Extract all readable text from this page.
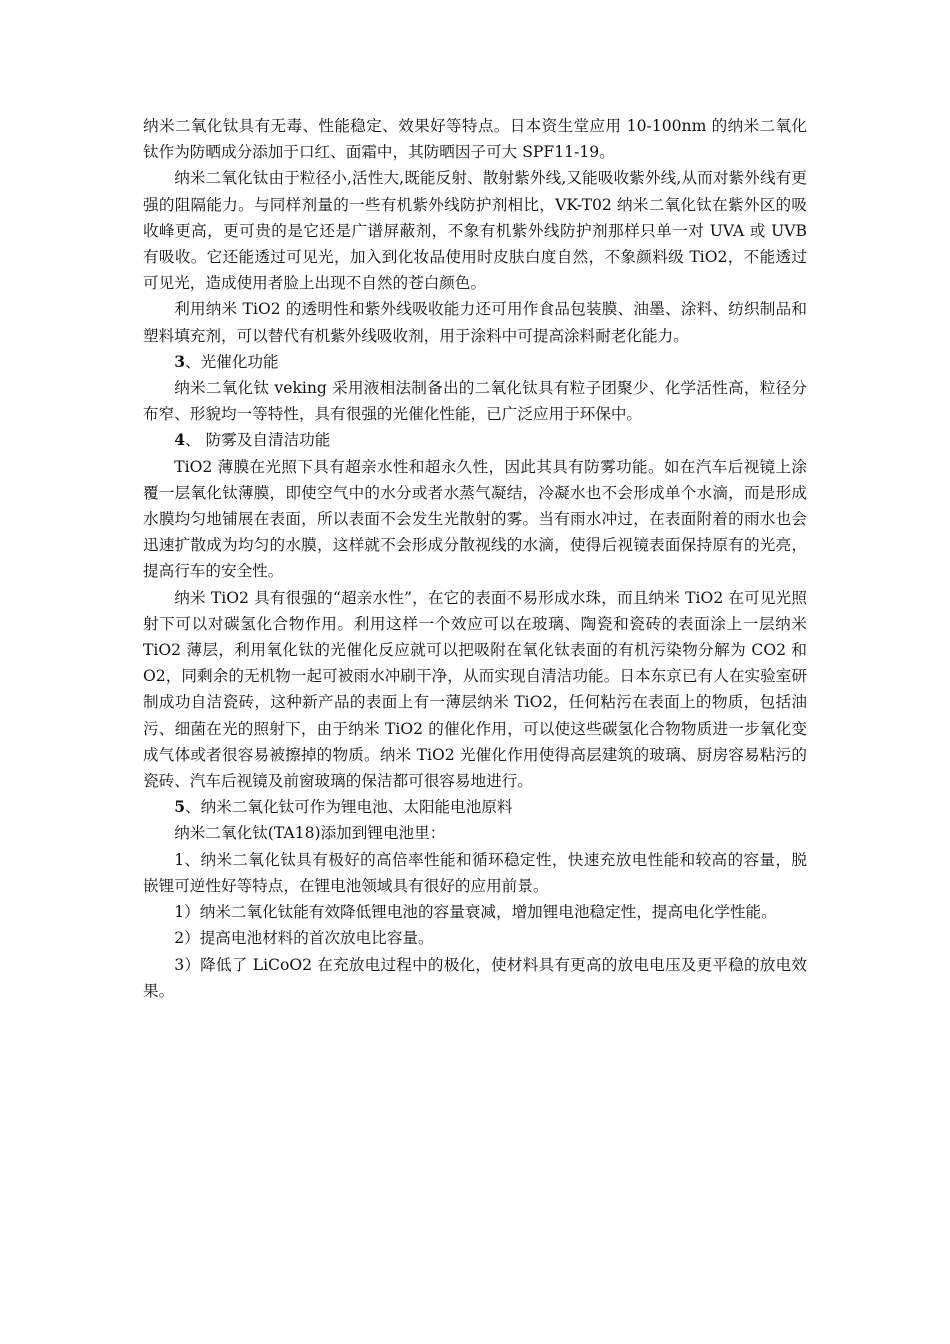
纳米二氧化钛具有无毒、性能稳定、效果好等特点。日本资生堂应用 10-100nm 的纳米二氧化钛作为防晒成分添加于口红、面霜中，其防晒因子可大 SPF11-19。

纳米二氧化钛由于粒径小,活性大,既能反射、散射紫外线,又能吸收紫外线,从而对紫外线有更强的阻隔能力。与同样剂量的一些有机紫外线防护剂相比，VK-T02 纳米二氧化钛在紫外区的吸收峰更高，更可贵的是它还是广谱屏蔽剂，不象有机紫外线防护剂那样只单一对 UVA 或 UVB 有吸收。它还能透过可见光，加入到化妆品使用时皮肤白度自然，不象颜料级 TiO2，不能透过可见光，造成使用者脸上出现不自然的苍白颜色。

利用纳米 TiO2 的透明性和紫外线吸收能力还可用作食品包装膜、油墨、涂料、纺织制品和塑料填充剂，可以替代有机紫外线吸收剂，用于涂料中可提高涂料耐老化能力。

3、光催化功能

纳米二氧化钛 veking 采用液相法制备出的二氧化钛具有粒子团聚少、化学活性高，粒径分布窄、形貌均一等特性，具有很强的光催化性能，已广泛应用于环保中。

4、 防雾及自清洁功能

TiO2 薄膜在光照下具有超亲水性和超永久性，因此其具有防雾功能。如在汽车后视镜上涂覆一层氧化钛薄膜，即使空气中的水分或者水蒸气凝结，冷凝水也不会形成单个水滴，而是形成水膜均匀地铺展在表面，所以表面不会发生光散射的雾。当有雨水冲过，在表面附着的雨水也会迅速扩散成为均匀的水膜，这样就不会形成分散视线的水滴，使得后视镜表面保持原有的光亮，提高行车的安全性。

纳米 TiO2 具有很强的“超亲水性”，在它的表面不易形成水珠，而且纳米 TiO2 在可见光照射下可以对碳氢化合物作用。利用这样一个效应可以在玻璃、陶瓷和瓷砖的表面涂上一层纳米 TiO2 薄层，利用氧化钛的光催化反应就可以把吸附在氧化钛表面的有机污染物分解为 CO2 和 O2，同剩余的无机物一起可被雨水冲刷干净，从而实现自清洁功能。日本东京已有人在实验室研制成功自洁瓷砖，这种新产品的表面上有一薄层纳米 TiO2，任何粘污在表面上的物质，包括油污、细菌在光的照射下，由于纳米 TiO2 的催化作用，可以使这些碳氢化合物物质进一步氧化变成气体或者很容易被擦掉的物质。纳米 TiO2 光催化作用使得高层建筑的玻璃、厨房容易粘污的瓷砖、汽车后视镜及前窗玻璃的保洁都可很容易地进行。

5、纳米二氧化钛可作为锂电池、太阳能电池原料

纳米二氧化钛(TA18)添加到锂电池里：

1、纳米二氧化钛具有极好的高倍率性能和循环稳定性，快速充放电性能和较高的容量，脱嵌锂可逆性好等特点，在锂电池领域具有很好的应用前景。

1）纳米二氧化钛能有效降低锂电池的容量衰减，增加锂电池稳定性，提高电化学性能。

2）提高电池材料的首次放电比容量。

3）降低了 LiCoO2 在充放电过程中的极化，使材料具有更高的放电电压及更平稳的放电效果。
